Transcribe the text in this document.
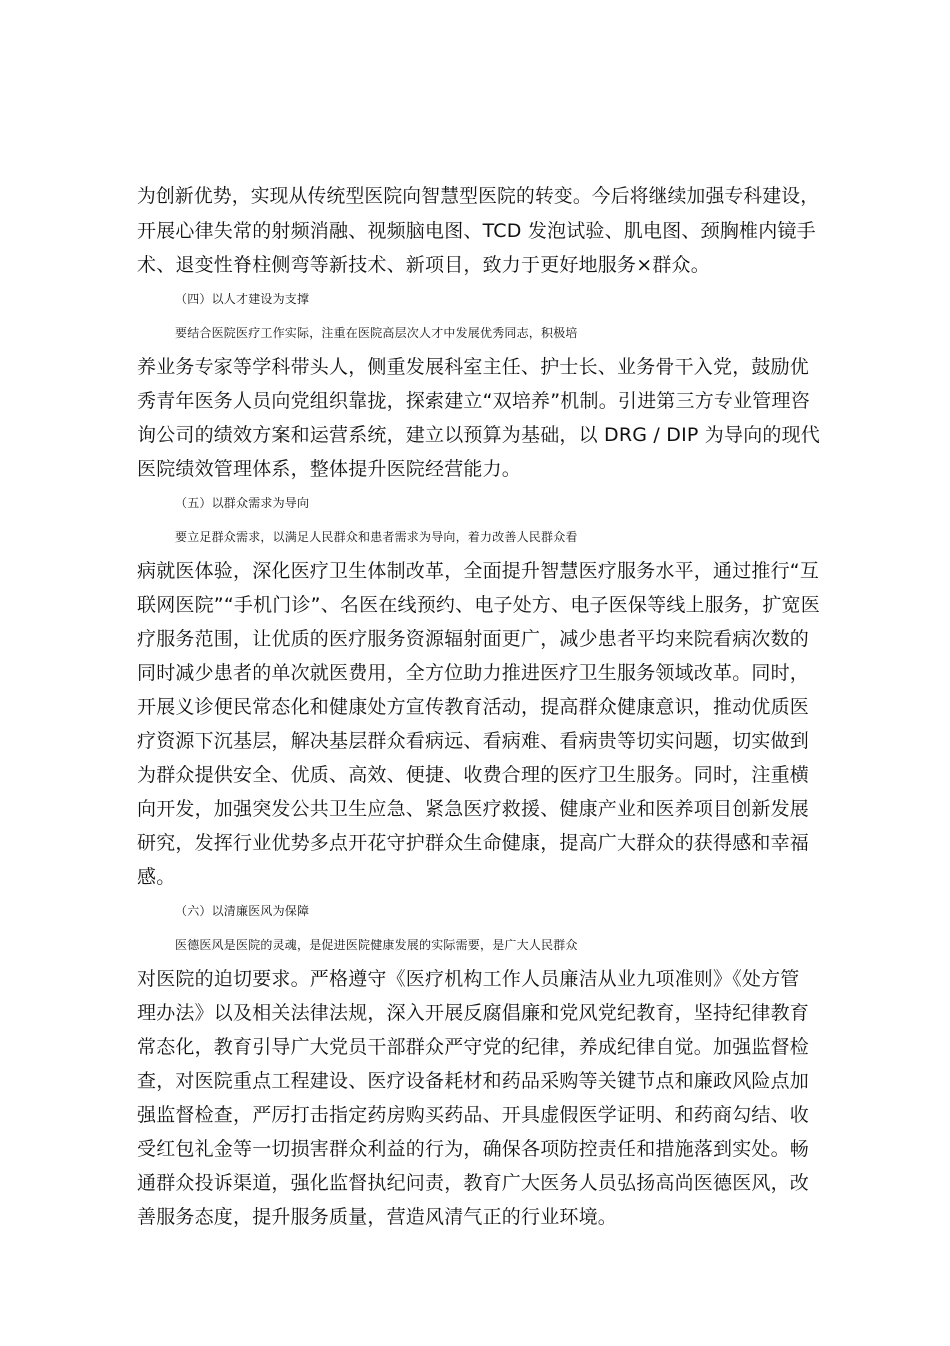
为创新优势，实现从传统型医院向智慧型医院的转变。今后将继续加强专科建设，
开展心律失常的射频消融、视频脑电图、TCD 发泡试验、肌电图、颈胸椎内镜手
术、退变性脊柱侧弯等新技术、新项目，致力于更好地服务×群众。
（四）以人才建设为支撑
要结合医院医疗工作实际，注重在医院高层次人才中发展优秀同志，积极培
养业务专家等学科带头人，侧重发展科室主任、护士长、业务骨干入党，鼓励优
秀青年医务人员向党组织靠拢，探索建立“双培养”机制。引进第三方专业管理咨
询公司的绩效方案和运营系统，建立以预算为基础，以 DRG / DIP 为导向的现代
医院绩效管理体系，整体提升医院经营能力。
（五）以群众需求为导向
要立足群众需求，以满足人民群众和患者需求为导向，着力改善人民群众看
病就医体验，深化医疗卫生体制改革，全面提升智慧医疗服务水平，通过推行“互
联网医院”“手机门诊”、名医在线预约、电子处方、电子医保等线上服务，扩宽医
疗服务范围，让优质的医疗服务资源辐射面更广，减少患者平均来院看病次数的
同时减少患者的单次就医费用，全方位助力推进医疗卫生服务领域改革。同时，
开展义诊便民常态化和健康处方宣传教育活动，提高群众健康意识，推动优质医
疗资源下沉基层，解决基层群众看病远、看病难、看病贵等切实问题，切实做到
为群众提供安全、优质、高效、便捷、收费合理的医疗卫生服务。同时，注重横
向开发，加强突发公共卫生应急、紧急医疗救援、健康产业和医养项目创新发展
研究，发挥行业优势多点开花守护群众生命健康，提高广大群众的获得感和幸福
感。
（六）以清廉医风为保障
医德医风是医院的灵魂，是促进医院健康发展的实际需要，是广大人民群众
对医院的迫切要求。严格遵守《医疗机构工作人员廉洁从业九项准则》《处方管
理办法》以及相关法律法规，深入开展反腐倡廉和党风党纪教育，坚持纪律教育
常态化，教育引导广大党员干部群众严守党的纪律，养成纪律自觉。加强监督检
查，对医院重点工程建设、医疗设备耗材和药品采购等关键节点和廉政风险点加
强监督检查，严厉打击指定药房购买药品、开具虚假医学证明、和药商勾结、收
受红包礼金等一切损害群众利益的行为，确保各项防控责任和措施落到实处。畅
通群众投诉渠道，强化监督执纪问责，教育广大医务人员弘扬高尚医德医风，改
善服务态度，提升服务质量，营造风清气正的行业环境。
